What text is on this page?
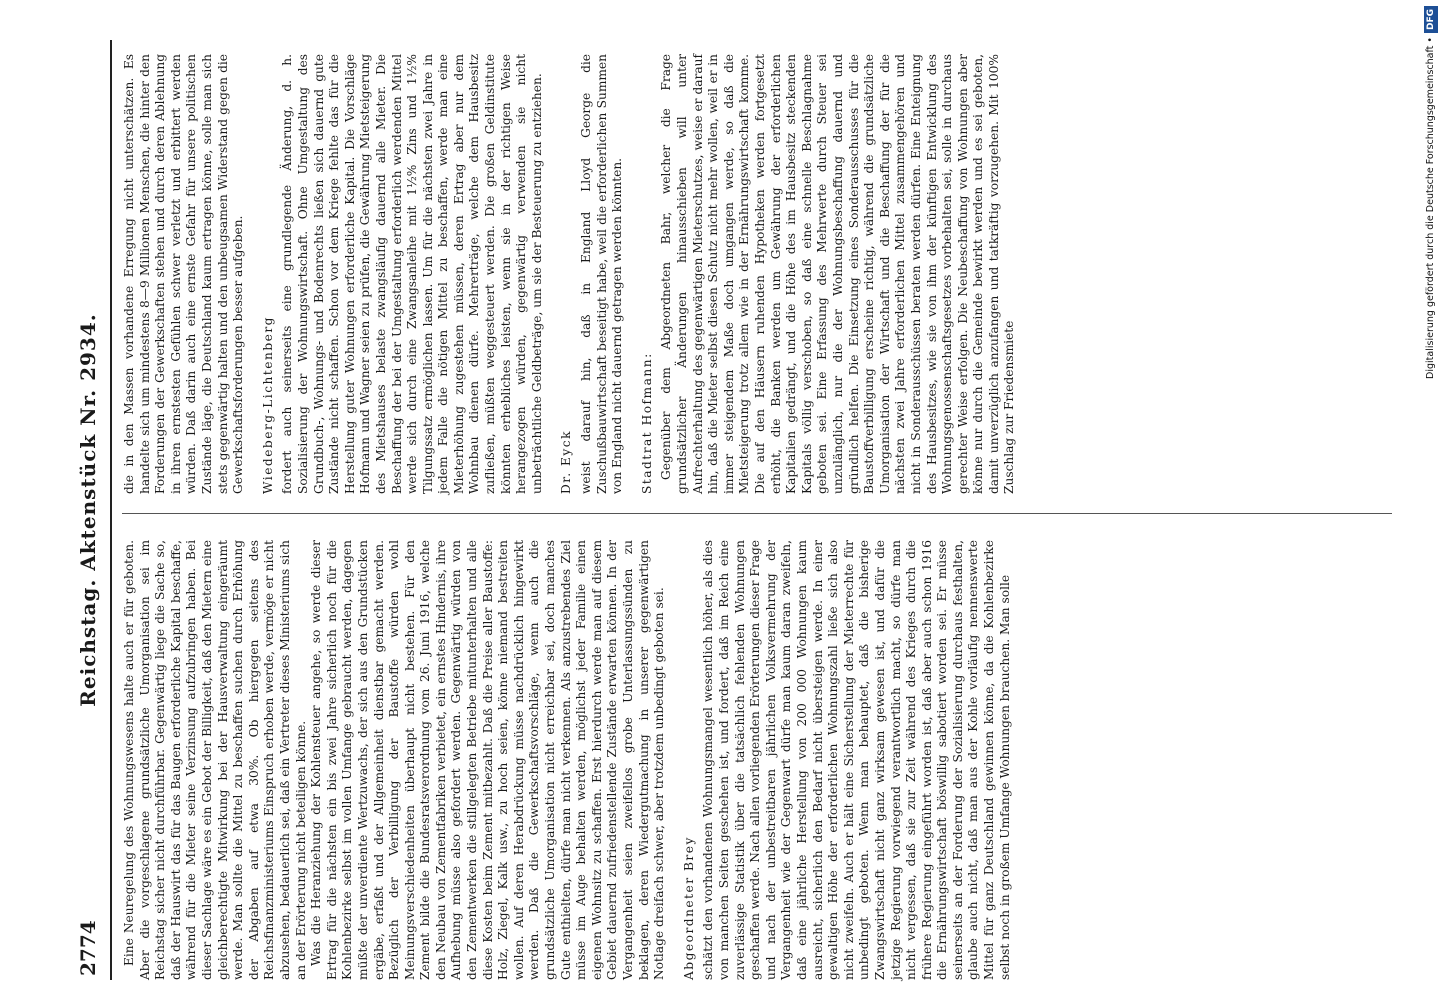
2774
Reichstag. Aktenstück Nr. 2934.

Eine Neuregelung des Wohnungswesens halte auch er für geboten. Aber die vorgeschlagene grundsätzliche Umorganisation sei im Reichstag sicher nicht durchführbar. Gegenwärtig liege die Sache so, daß der Hauswirt das für das Baugen erforderliche Kapital beschaffe, während für die Mieter seine Verzinsung aufzubringen haben. Bei dieser Sachlage wäre es ein Gebot der Billigkeit, daß den Mietern eine gleichberechtigte Mitwirkung bei der Hausverwaltung eingeräumt werde. Man sollte die Mittel zu beschaffen suchen durch Erhöhung der Abgaben auf etwa 30%. Ob hiergegen seitens des Reichsfinanzministeriums Einspruch erhoben werde, vermöge er nicht abzusehen, bedauerlich sei, daß ein Vertreter dieses Ministeriums sich an der Erörterung nicht beteiligen könne. Was die Heranziehung der Kohlensteuer angehe, so werde dieser Ertrag für die nächsten ein bis zwei Jahre sicherlich noch für die Kohlenbezirke selbst im vollen Umfange gebraucht werden, dagegen müßte der unverdiente Wertzuwachs, der sich aus den Grundstücken ergäbe, erfaßt und der Allgemeinheit dienstbar gemacht werden. Bezüglich der Verbilligung der Baustoffe würden wohl Meinungsverschiedenheiten überhaupt nicht bestehen. Für den Zement bilde die Bundesratsverordnung vom 26. Juni 1916, welche den Neubau von Zementfabriken verbietet, ein ernstes Hindernis, ihre Aufhebung müsse also gefordert werden. Gegenwärtig würden von den Zementwerken die stillgelegten Betriebe mitunterhalten und alle diese Kosten beim Zement mitbezahlt. Daß die Preise aller Baustoffe: Holz, Ziegel, Kalk usw., zu hoch seien, könne niemand bestreiten wollen. Auf deren Herabdrückung müsse nachdrücklich hingewirkt werden. Daß die Gewerkschaftsvorschläge, wenn auch die grundsätzliche Umorganisation nicht erreichbar sei, doch manches Gute enthielten, dürfe man nicht verkennen. Als anzustrebendes Ziel müsse im Auge behalten werden, möglichst jeder Familie einen eigenen Wohnsitz zu schaffen. Erst hierdurch werde man auf diesem Gebiet dauernd zufriedenstellende Zustände erwarten können. In der Vergangenheit seien zweifellos grobe Unterlassungssünden zu beklagen, deren Wiedergutmachung in unserer gegenwärtigen Notlage dreifach schwer, aber trotzdem unbedingt geboten sei. Abgeordneter Brey schätzt den vorhandenen Wohnungsmangel wesentlich höher, als dies von manchen Seiten geschehen ist, und fordert, daß im Reich eine zuverlässige Statistik über die tatsächlich fehlenden Wohnungen geschaffen werde. Nach allen vorliegenden Erörterungen dieser Frage und nach der unbestreitbaren jährlichen Volksvermehrung der Vergangenheit wie der Gegenwart dürfe man kaum daran zweifeln, daß eine jährliche Herstellung von 200 000 Wohnungen kaum ausreicht, sicherlich den Bedarf nicht übersteigen werde. In einer gewaltigen Höhe der erforderlichen Wohnungszahl ließe sich also nicht zweifeln. Auch er hält eine Sicherstellung der Mieterrechte für unbedingt geboten. Wenn man behauptet, daß die bisherige Zwangswirtschaft nicht ganz wirksam gewesen ist, und dafür die jetzige Regierung vorwiegend verantwortlich macht, so dürfe man nicht vergessen, daß sie zur Zeit während des Krieges durch die frühere Regierung eingeführt worden ist, daß aber auch schon 1916 die Ernährungswirtschaft böswillig sabotiert worden sei. Er müsse seinerseits an der Forderung der Sozialisierung durchaus festhalten, glaube auch nicht, daß man aus der Kohle vorläufig nennenswerte Mittel für ganz Deutschland gewinnen könne, da die Kohlenbezirke selbst noch in großem Umfange Wohnungen brauchen. Man solle

die in den Massen vorhandene Erregung nicht unterschätzen. Es handelte sich um mindestens 8—9 Millionen Menschen, die hinter den Forderungen der Gewerkschaften stehen und durch deren Ablehnung in ihren ernstesten Gefühlen schwer verletzt und erbittert werden würden. Daß darin auch eine ernste Gefahr für unsere politischen Zustände läge, die Deutschland kaum ertragen könne, solle man sich stets gegenwärtig halten und den unbeugsamen Widerstand gegen die Gewerkschaftsforderungen besser aufgeben. Wiedeberg-Lichtenberg fordert auch seinerseits eine grundlegende Änderung, d. h. Sozialisierung der Wohnungswirtschaft. Ohne Umgestaltung des Grundbuch-, Wohnungs- und Bodenrechts ließen sich dauernd gute Zustände nicht schaffen. Schon vor dem Kriege fehlte das für die Herstellung guter Wohnungen erforderliche Kapital. Die Vorschläge Hofmann und Wagner seien zu prüfen, die Gewährung Mietsteigerung des Mietshauses belaste zwangsläufig dauernd alle Mieter. Die Beschaffung der bei der Umgestaltung erforderlich werdenden Mittel werde sich durch eine Zwangsanleihe mit 1½% Zins und 1½% Tilgungssatz ermöglichen lassen. Um für die nächsten zwei Jahre in jedem Falle die nötigen Mittel zu beschaffen, werde man eine Mieterhöhung zugestehen müssen, deren Ertrag aber nur dem Wohnbau dienen dürfe. Mehrerträge, welche dem Hausbesitz zufließen, müßten weggesteuert werden. Die großen Geldinstitute könnten erhebliches leisten, wenn sie in der richtigen Weise herangezogen würden, gegenwärtig verwenden sie nicht unbeträchtliche Geldbeträge, um sie der Besteuerung zu entziehen. Dr. Eyck weist darauf hin, daß in England Lloyd George die Zuschußbauwirtschaft beseitigt habe, weil die erforderlichen Summen von England nicht dauernd getragen werden könnten. Stadtrat Hofmann: Gegenüber dem Abgeordneten Bahr, welcher die Frage grundsätzlicher Änderungen hinausschieben will unter Aufrechterhaltung des gegenwärtigen Mieterschutzes, weise er darauf hin, daß die Mieter selbst diesen Schutz nicht mehr wollen, weil er in immer steigendem Maße doch umgangen werde, so daß die Mietsteigerung trotz allem wie in der Ernährungswirtschaft komme. Die auf den Häusern ruhenden Hypotheken werden fortgesetzt erhöht, die Banken werden um Gewährung der erforderlichen Kapitalien gedrängt, und die Höhe des im Hausbesitz steckenden Kapitals völlig verschoben, so daß eine schnelle Beschlagnahme geboten sei. Eine Erfassung des Mehrwerte durch Steuer sei unzulänglich, nur die der Wohnungsbeschaffung dauernd und gründlich helfen. Die Einsetzung eines Sonderausschusses für die Baustoffverbilligung erscheine richtig, während die grundsätzliche Umorganisation der Wirtschaft und die Beschaffung der für die nächsten zwei Jahre erforderlichen Mittel zusammengehören und nicht in Sonderausschüssen beraten werden dürfen. Eine Enteignung des Hausbesitzes, wie sie von ihm der künftigen Entwicklung des Wohnungsgenossenschaftsgesetzes vorbehalten sei, solle in durchaus gerechter Weise erfolgen. Die Neubeschaffung von Wohnungen aber könne nur durch die Gemeinde bewirkt werden und es sei geboten, damit unverzüglich anzufangen und tatkräftig vorzugehen. Mit 100% Zuschlag zur Friedensmiete

Digitalisierung gefördert durch die Deutsche Forschungsgemeinschaft •DFG
